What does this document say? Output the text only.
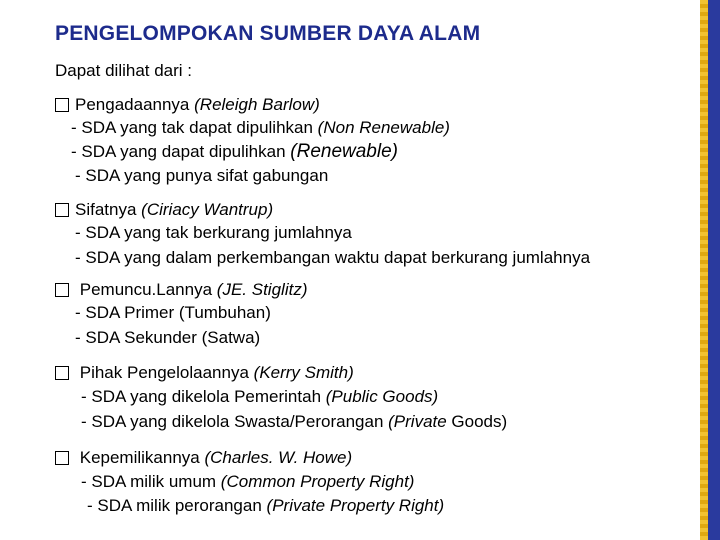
PENGELOMPOKAN SUMBER DAYA ALAM
Dapat dilihat dari :
Pengadaannya (Releigh Barlow)
- SDA yang tak dapat dipulihkan (Non Renewable)
- SDA yang dapat dipulihkan (Renewable)
- SDA yang punya sifat gabungan
Sifatnya (Ciriacy Wantrup)
- SDA yang tak berkurang jumlahnya
- SDA yang dalam perkembangan waktu dapat berkurang jumlahnya
Pemuncu.Lannya (JE. Stiglitz)
- SDA Primer (Tumbuhan)
- SDA Sekunder (Satwa)
Pihak Pengelolaannya (Kerry Smith)
- SDA yang dikelola Pemerintah (Public Goods)
- SDA yang dikelola Swasta/Perorangan (Private Goods)
Kepemilikannya (Charles. W. Howe)
- SDA milik umum (Common Property Right)
- SDA milik perorangan (Private Property Right)
